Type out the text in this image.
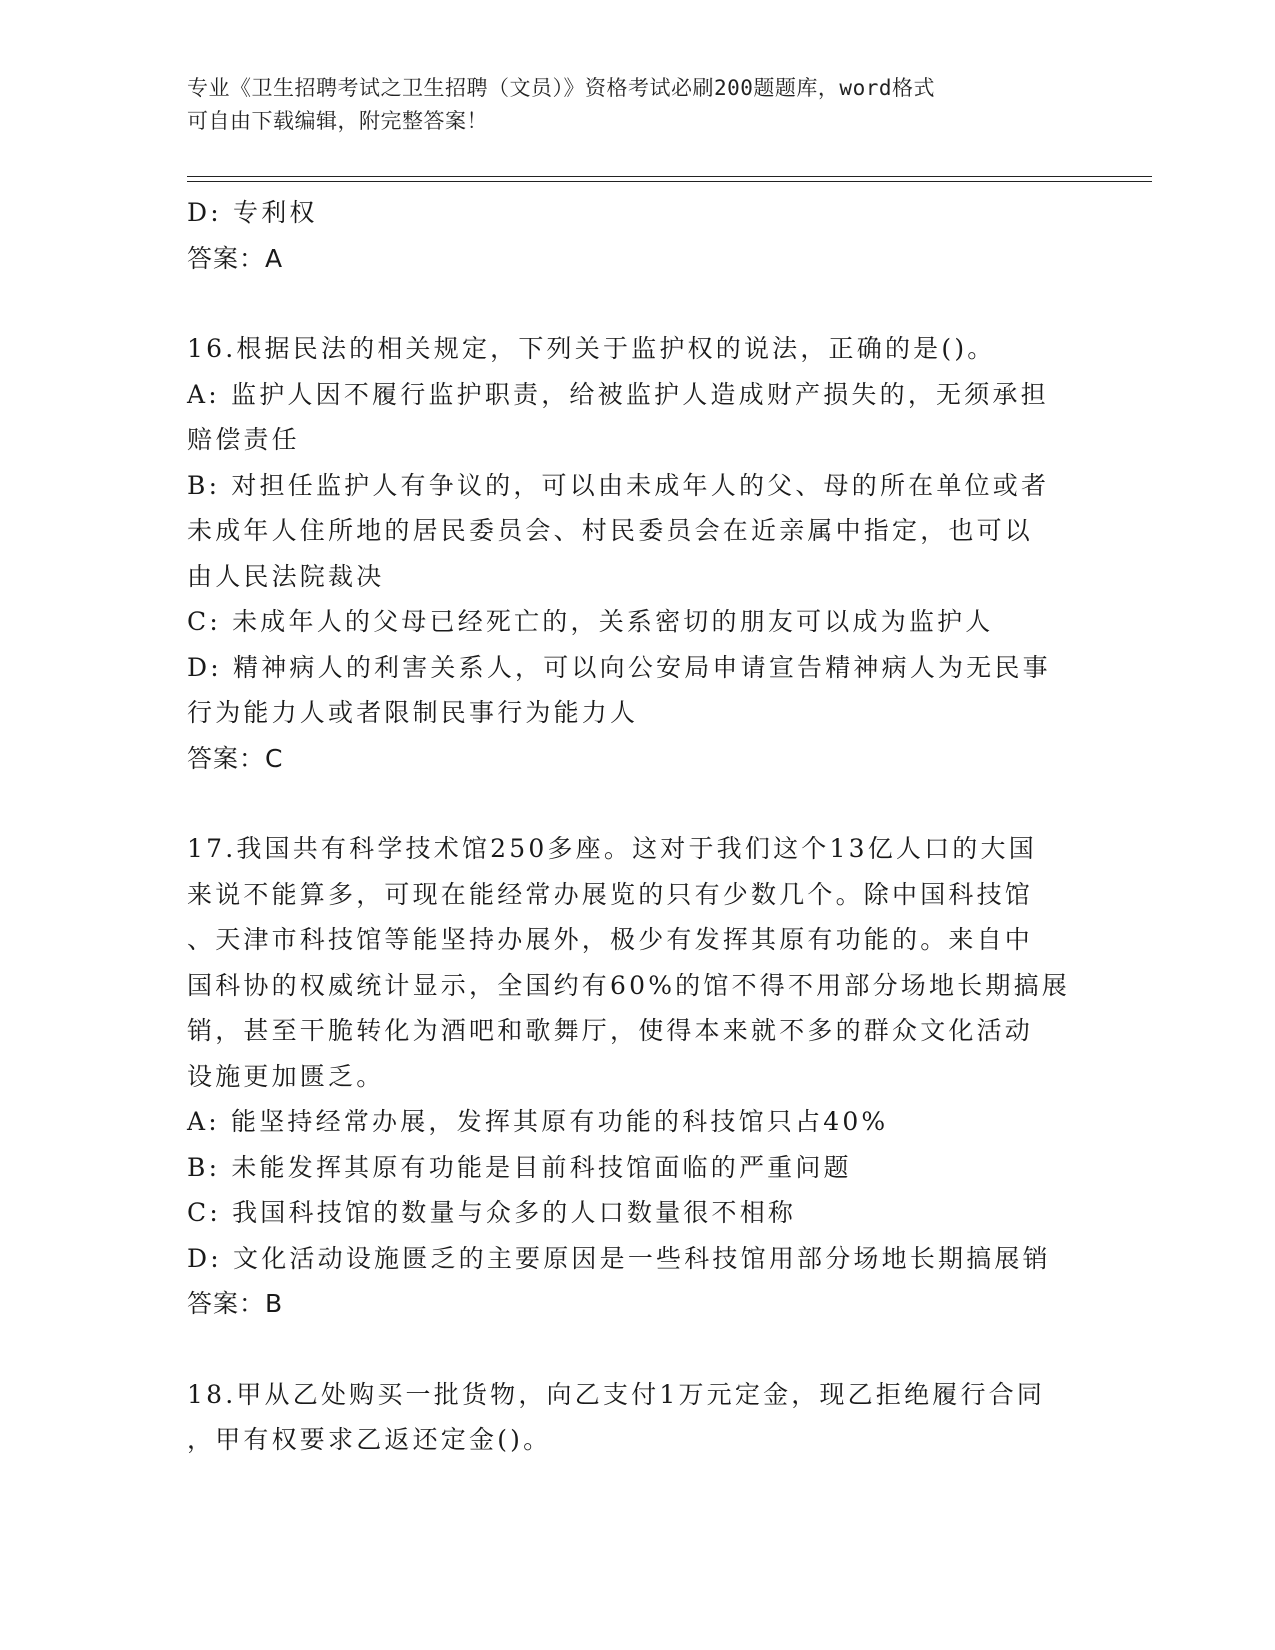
专业《卫生招聘考试之卫生招聘（文员）》资格考试必刷200题题库，word格式
可自由下载编辑，附完整答案！
D: 专利权
答案：A
16.根据民法的相关规定，下列关于监护权的说法，正确的是()。
A: 监护人因不履行监护职责，给被监护人造成财产损失的，无须承担
赔偿责任
B: 对担任监护人有争议的，可以由未成年人的父、母的所在单位或者
未成年人住所地的居民委员会、村民委员会在近亲属中指定，也可以
由人民法院裁决
C: 未成年人的父母已经死亡的，关系密切的朋友可以成为监护人
D: 精神病人的利害关系人，可以向公安局申请宣告精神病人为无民事
行为能力人或者限制民事行为能力人
答案：C
17.我国共有科学技术馆250多座。这对于我们这个13亿人口的大国
来说不能算多，可现在能经常办展览的只有少数几个。除中国科技馆
、天津市科技馆等能坚持办展外，极少有发挥其原有功能的。来自中
国科协的权威统计显示，全国约有60%的馆不得不用部分场地长期搞展
销，甚至干脆转化为酒吧和歌舞厅，使得本来就不多的群众文化活动
设施更加匮乏。
A: 能坚持经常办展，发挥其原有功能的科技馆只占40%
B: 未能发挥其原有功能是目前科技馆面临的严重问题
C: 我国科技馆的数量与众多的人口数量很不相称
D: 文化活动设施匮乏的主要原因是一些科技馆用部分场地长期搞展销
答案：B
18.甲从乙处购买一批货物，向乙支付1万元定金，现乙拒绝履行合同
，甲有权要求乙返还定金()。
